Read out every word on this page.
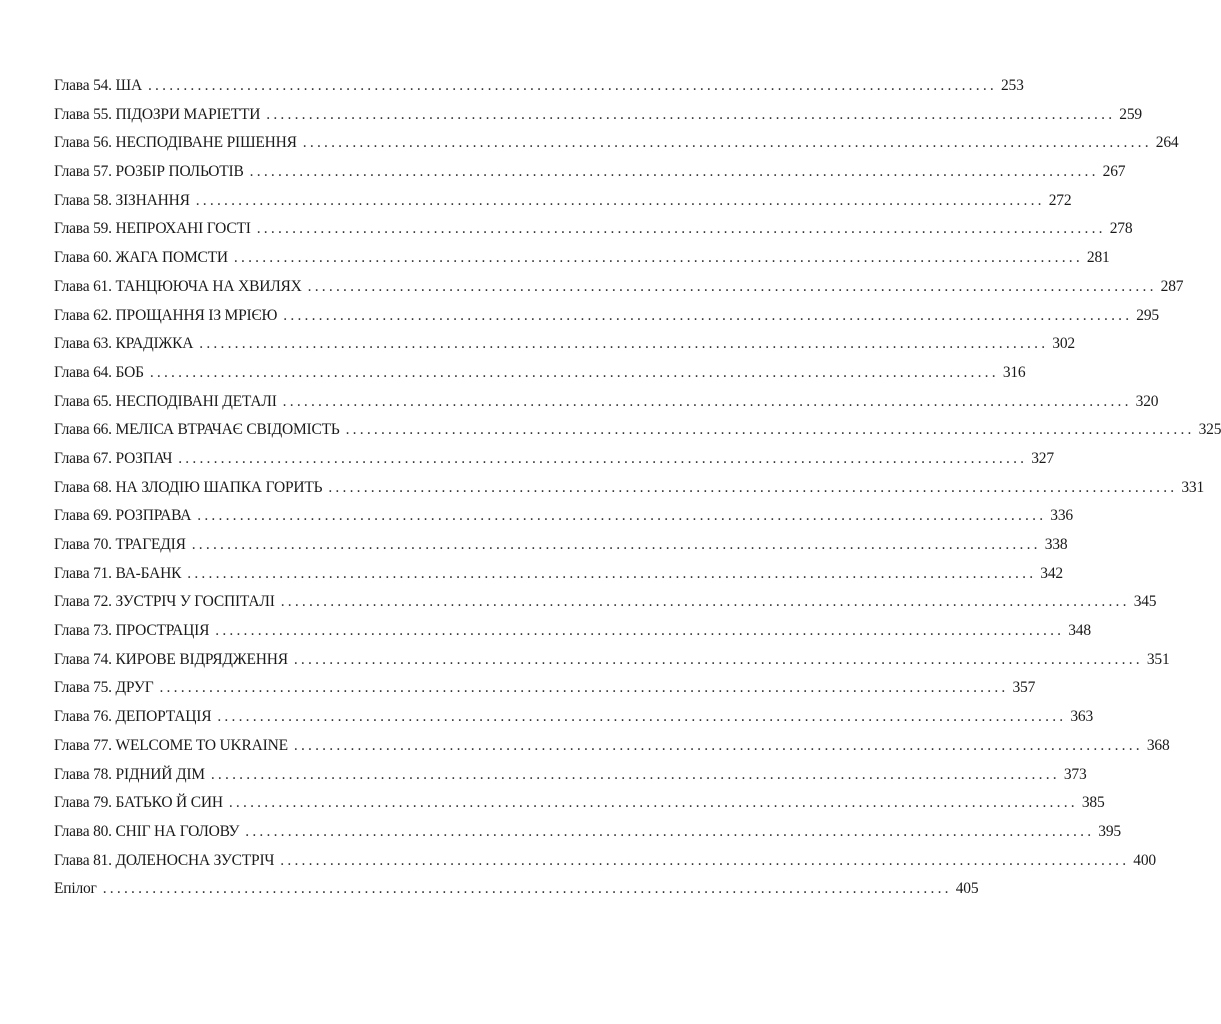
Глава 54. ША ........................................................................................................................ 253
Глава 55. ПІДОЗРИ МАРІЕТТИ ........................................................................................................................ 259
Глава 56. НЕСПОДІВАНЕ РІШЕННЯ ........................................................................................................................ 264
Глава 57. РОЗБІР ПОЛЬОТІВ ........................................................................................................................ 267
Глава 58. ЗІЗНАННЯ ........................................................................................................................ 272
Глава 59. НЕПРОХАНІ ГОСТІ ........................................................................................................................ 278
Глава 60. ЖАГА ПОМСТИ ........................................................................................................................ 281
Глава 61. ТАНЦЮЮЧА НА ХВИЛЯХ ........................................................................................................................ 287
Глава 62. ПРОЩАННЯ ІЗ МРІЄЮ ........................................................................................................................ 295
Глава 63. КРАДІЖКА ........................................................................................................................ 302
Глава 64. БОБ ........................................................................................................................ 316
Глава 65. НЕСПОДІВАНІ ДЕТАЛІ ........................................................................................................................ 320
Глава 66. МЕЛІСА ВТРАЧАЄ СВІДОМІСТЬ ........................................................................................................................ 325
Глава 67. РОЗПАЧ ........................................................................................................................ 327
Глава 68. НА ЗЛОДІЮ ШАПКА ГОРИТЬ ........................................................................................................................ 331
Глава 69. РОЗПРАВА ........................................................................................................................ 336
Глава 70. ТРАГЕДІЯ ........................................................................................................................ 338
Глава 71. ВА-БАНК ........................................................................................................................ 342
Глава 72. ЗУСТРІЧ У ГОСПІТАЛІ ........................................................................................................................ 345
Глава 73. ПРОСТРАЦІЯ ........................................................................................................................ 348
Глава 74. КИРОВЕ ВІДРЯДЖЕННЯ ........................................................................................................................ 351
Глава 75. ДРУГ ........................................................................................................................ 357
Глава 76. ДЕПОРТАЦІЯ ........................................................................................................................ 363
Глава 77. WELCOME TO UKRAINE ........................................................................................................................ 368
Глава 78. РІДНИЙ ДІМ ........................................................................................................................ 373
Глава 79. БАТЬКО Й СИН ........................................................................................................................ 385
Глава 80. СНІГ НА ГОЛОВУ ........................................................................................................................ 395
Глава 81. ДОЛЕНОСНА ЗУСТРІЧ ........................................................................................................................ 400
Епілог ........................................................................................................................ 405
